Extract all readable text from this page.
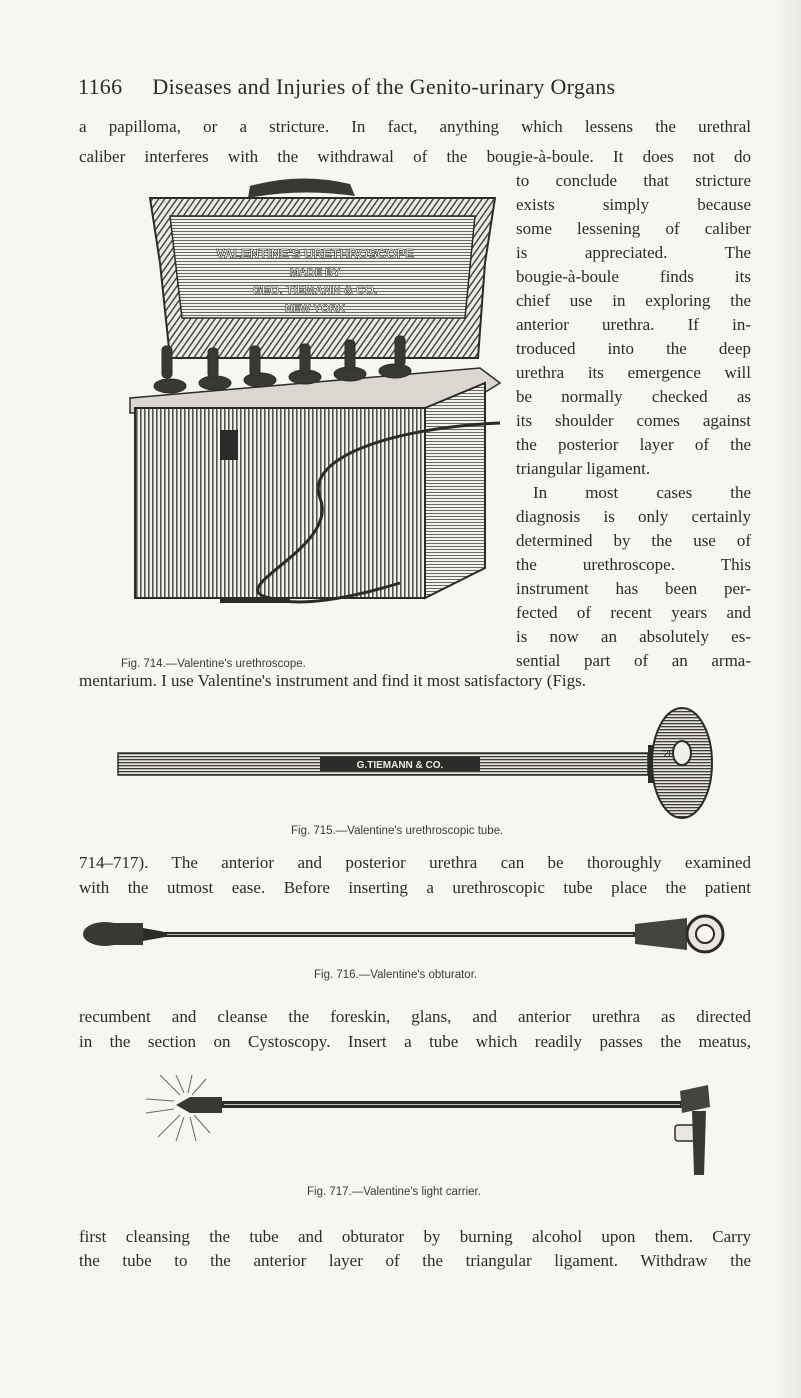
1166 Diseases and Injuries of the Genito-urinary Organs
a papilloma, or a stricture. In fact, anything which lessens the urethral
caliber interferes with the withdrawal of the bougie-à-boule. It does not do
to conclude that stricture
exists simply because
some lessening of caliber
is appreciated. The
bougie-à-boule finds its
chief use in exploring the
anterior urethra. If in-
troduced into the deep
urethra its emergence will
be normally checked as
its shoulder comes against
the posterior layer of the
triangular ligament.
In most cases the
diagnosis is only certainly
determined by the use of
the urethroscope. This
instrument has been per-
fected of recent years and
is now an absolutely es-
sential part of an arma-
VALENTINE'S URETHROSCOPE
MADE BY
GEO. TIEMANN & CO.
NEW YORK
Fig. 714.—Valentine's urethroscope.
mentarium. I use Valentine's instrument and find it most satisfactory (Figs.
G.TIEMANN & CO.
28
Fig. 715.—Valentine's urethroscopic tube.
714–717). The anterior and posterior urethra can be thoroughly examined
with the utmost ease. Before inserting a urethroscopic tube place the patient
Fig. 716.—Valentine's obturator.
recumbent and cleanse the foreskin, glans, and anterior urethra as directed
in the section on Cystoscopy. Insert a tube which readily passes the meatus,
Fig. 717.—Valentine's light carrier.
first cleansing the tube and obturator by burning alcohol upon them. Carry
the tube to the anterior layer of the triangular ligament. Withdraw the
